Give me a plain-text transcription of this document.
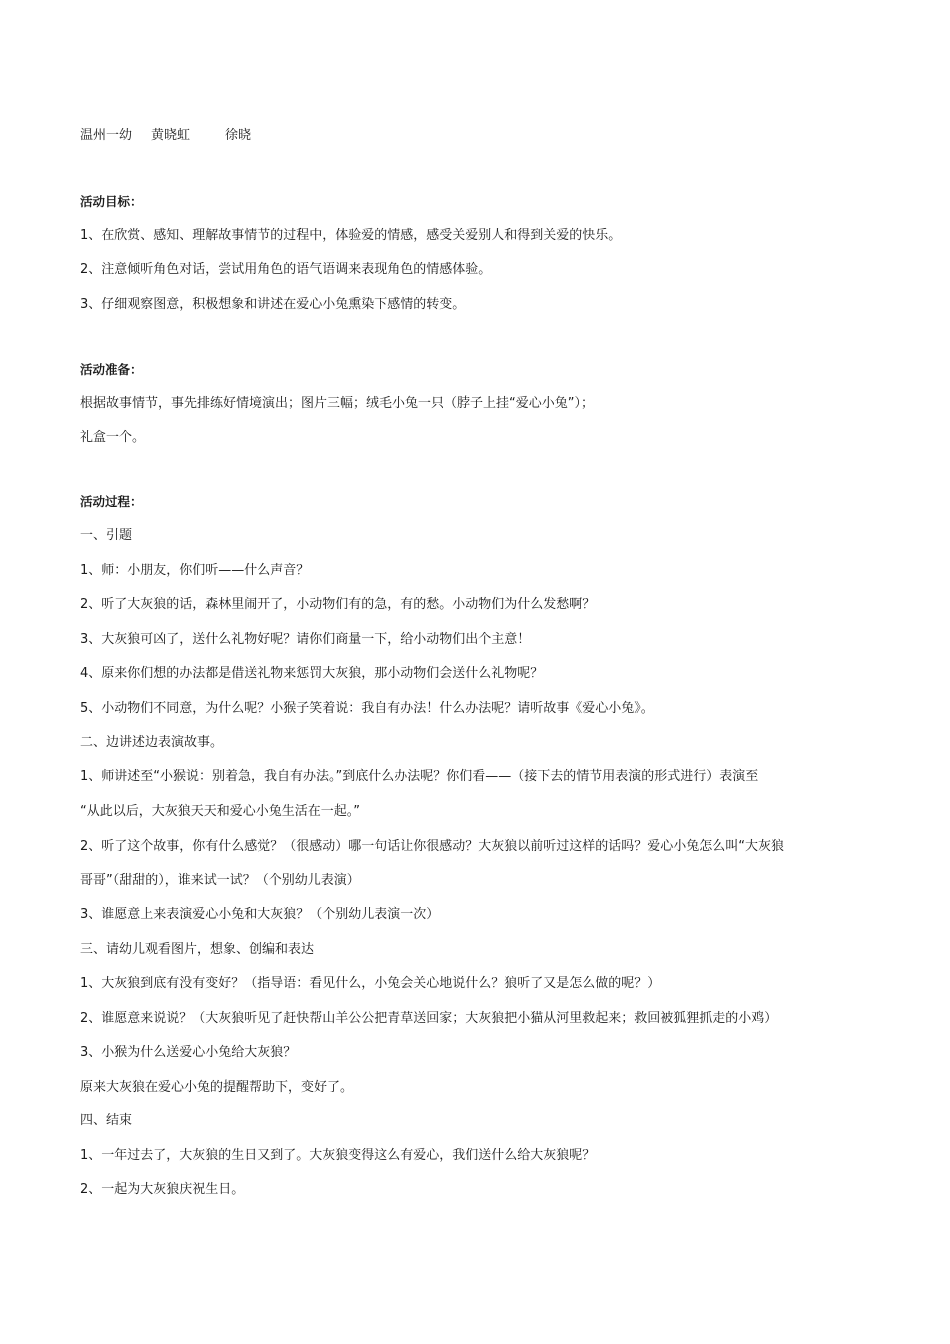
温州一幼 黄晓虹	徐晓
活动目标：
1、在欣赏、感知、理解故事情节的过程中，体验爱的情感，感受关爱别人和得到关爱的快乐。
2、注意倾听角色对话，尝试用角色的语气语调来表现角色的情感体验。
3、仔细观察图意，积极想象和讲述在爱心小兔熏染下感情的转变。
活动准备：
根据故事情节，事先排练好情境演出；图片三幅；绒毛小兔一只（脖子上挂“爱心小兔”）；
礼盒一个。
活动过程：
一、引题
1、师：小朋友，你们听——什么声音？
2、听了大灰狼的话，森林里闹开了，小动物们有的急，有的愁。小动物们为什么发愁啊？
3、大灰狼可凶了，送什么礼物好呢？请你们商量一下，给小动物们出个主意！
4、原来你们想的办法都是借送礼物来惩罚大灰狼，那小动物们会送什么礼物呢？
5、小动物们不同意，为什么呢？小猴子笑着说：我自有办法！什么办法呢？请听故事《爱心小兔》。
二、边讲述边表演故事。
1、师讲述至“小猴说：别着急，我自有办法。”到底什么办法呢？你们看——（接下去的情节用表演的形式进行）表演至
“从此以后，大灰狼天天和爱心小兔生活在一起。”
2、听了这个故事，你有什么感觉？（很感动）哪一句话让你很感动？大灰狼以前听过这样的话吗？爱心小兔怎么叫“大灰狼
哥哥”（甜甜的），谁来试一试？（个别幼儿表演）
3、谁愿意上来表演爱心小兔和大灰狼？（个别幼儿表演一次）
三、请幼儿观看图片，想象、创编和表达
1、大灰狼到底有没有变好？（指导语：看见什么，小兔会关心地说什么？狼听了又是怎么做的呢？）
2、谁愿意来说说？（大灰狼听见了赶快帮山羊公公把青草送回家；大灰狼把小猫从河里救起来；救回被狐狸抓走的小鸡）
3、小猴为什么送爱心小兔给大灰狼？
原来大灰狼在爱心小兔的提醒帮助下，变好了。
四、结束
1、一年过去了，大灰狼的生日又到了。大灰狼变得这么有爱心，我们送什么给大灰狼呢？
2、一起为大灰狼庆祝生日。
